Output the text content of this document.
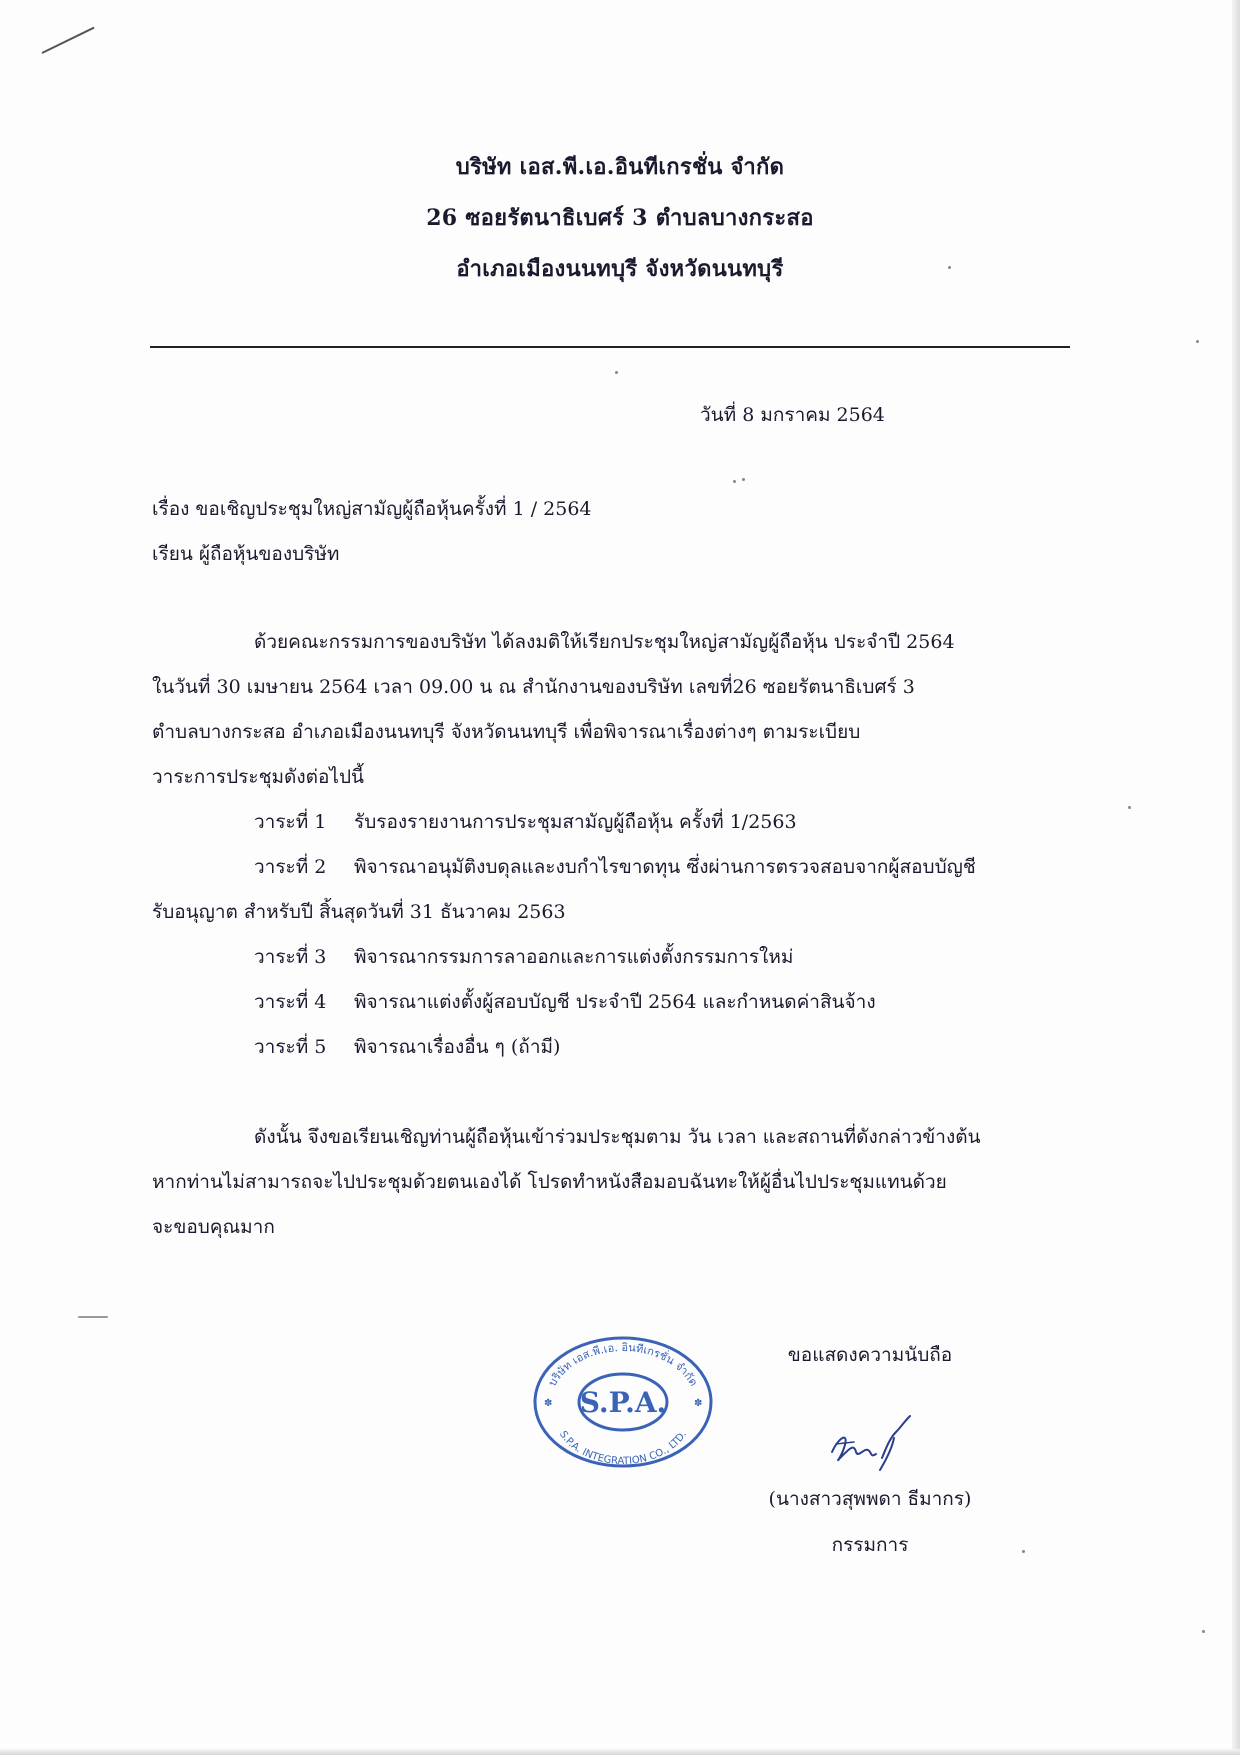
บริษัท เอส.พี.เอ.อินทีเกรชั่น จำกัด
26 ซอยรัตนาธิเบศร์ 3 ตำบลบางกระสอ
อำเภอเมืองนนทบุรี จังหวัดนนทบุรี
วันที่ 8 มกราคม 2564
เรื่อง ขอเชิญประชุมใหญ่สามัญผู้ถือหุ้นครั้งที่ 1 / 2564
เรียน ผู้ถือหุ้นของบริษัท

ด้วยคณะกรรมการของบริษัท ได้ลงมติให้เรียกประชุมใหญ่สามัญผู้ถือหุ้น ประจำปี 2564

ในวันที่ 30 เมษายน 2564 เวลา 09.00 น ณ สำนักงานของบริษัท เลขที่26 ซอยรัตนาธิเบศร์ 3

ตำบลบางกระสอ อำเภอเมืองนนทบุรี จังหวัดนนทบุรี เพื่อพิจารณาเรื่องต่างๆ ตามระเบียบ

วาระการประชุมดังต่อไปนี้

วาระที่ 1 รับรองรายงานการประชุมสามัญผู้ถือหุ้น ครั้งที่ 1/2563
วาระที่ 2 พิจารณาอนุมัติงบดุลและงบกำไรขาดทุน ซึ่งผ่านการตรวจสอบจากผู้สอบบัญชี

รับอนุญาต สำหรับปี สิ้นสุดวันที่ 31 ธันวาคม 2563

วาระที่ 3 พิจารณากรรมการลาออกและการแต่งตั้งกรรมการใหม่
วาระที่ 4 พิจารณาแต่งตั้งผู้สอบบัญชี ประจำปี 2564 และกำหนดค่าสินจ้าง
วาระที่ 5 พิจารณาเรื่องอื่น ๆ (ถ้ามี)

ดังนั้น จึงขอเรียนเชิญท่านผู้ถือหุ้นเข้าร่วมประชุมตาม วัน เวลา และสถานที่ดังกล่าวข้างต้น

หากท่านไม่สามารถจะไปประชุมด้วยตนเองได้ โปรดทำหนังสือมอบฉันทะให้ผู้อื่นไปประชุมแทนด้วย

จะขอบคุณมาก

บริษัท เอส.พี.เอ. อินทีเกรชั่น จำกัด
S.P.A. INTEGRATION CO., LTD.
S.P.A.
✽	✽
ขอแสดงความนับถือ
(นางสาวสุพพดา ธีมากร)
กรรมการ
